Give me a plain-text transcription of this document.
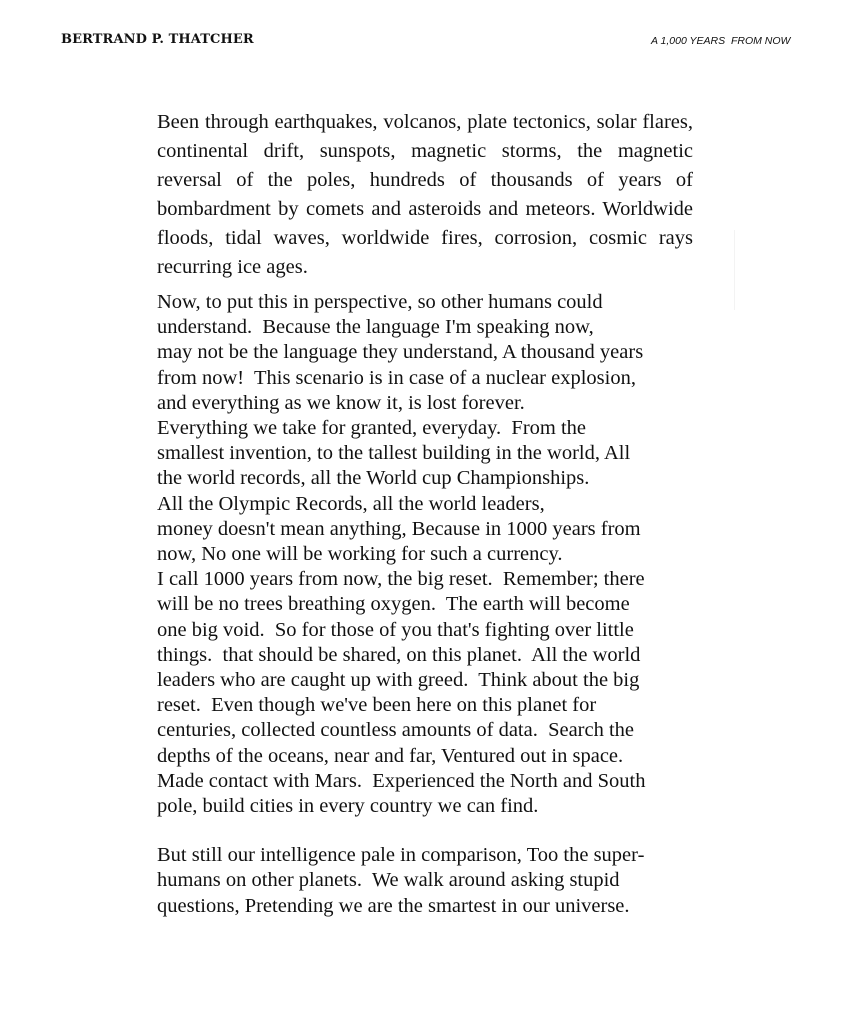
BERTRAND P. THATCHER	A 1,000 YEARS  FROM NOW

Been through earthquakes, volcanos, plate tectonics, solar flares, continental drift, sunspots, magnetic storms, the magnetic reversal of the poles, hundreds of thousands of years of bombardment by comets and asteroids and meteors. Worldwide floods, tidal waves, worldwide fires, corrosion, cosmic rays recurring ice ages.

Now, to put this in perspective, so other humans could
understand.  Because the language I'm speaking now,
may not be the language they understand, A thousand years
from now!  This scenario is in case of a nuclear explosion,
and everything as we know it, is lost forever.
Everything we take for granted, everyday.  From the
smallest invention, to the tallest building in the world, All
the world records, all the World cup Championships.
All the Olympic Records, all the world leaders,
money doesn't mean anything, Because in 1000 years from
now, No one will be working for such a currency.
I call 1000 years from now, the big reset.  Remember; there
will be no trees breathing oxygen.  The earth will become
one big void.  So for those of you that's fighting over little
things.  that should be shared, on this planet.  All the world
leaders who are caught up with greed.  Think about the big
reset.  Even though we've been here on this planet for
centuries, collected countless amounts of data.  Search the
depths of the oceans, near and far, Ventured out in space.
Made contact with Mars.  Experienced the North and South
pole, build cities in every country we can find.
But still our intelligence pale in comparison, Too the super-
humans on other planets.  We walk around asking stupid
questions, Pretending we are the smartest in our universe.
